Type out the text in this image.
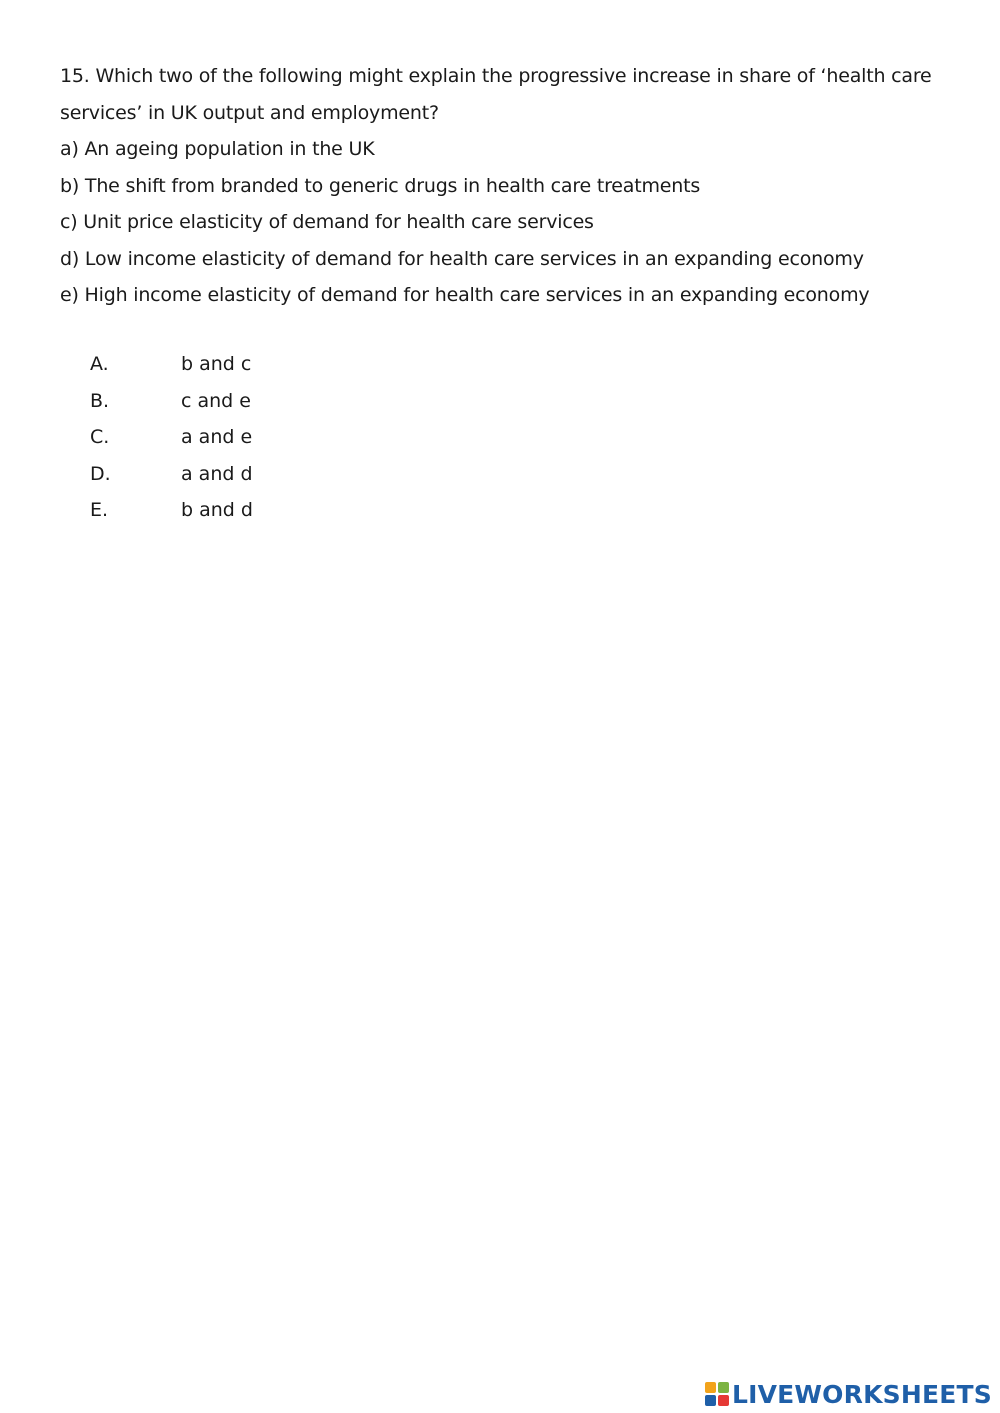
15. Which two of the following might explain the progressive increase in share of ‘health care
services’ in UK output and employment?
a) An ageing population in the UK
b) The shift from branded to generic drugs in health care treatments
c) Unit price elasticity of demand for health care services
d) Low income elasticity of demand for health care services in an expanding economy
e) High income elasticity of demand for health care services in an expanding economy
A.	b and c
B.	c and e
C.	a and e
D.	a and d
E.	b and d
LIVEWORKSHEETS
